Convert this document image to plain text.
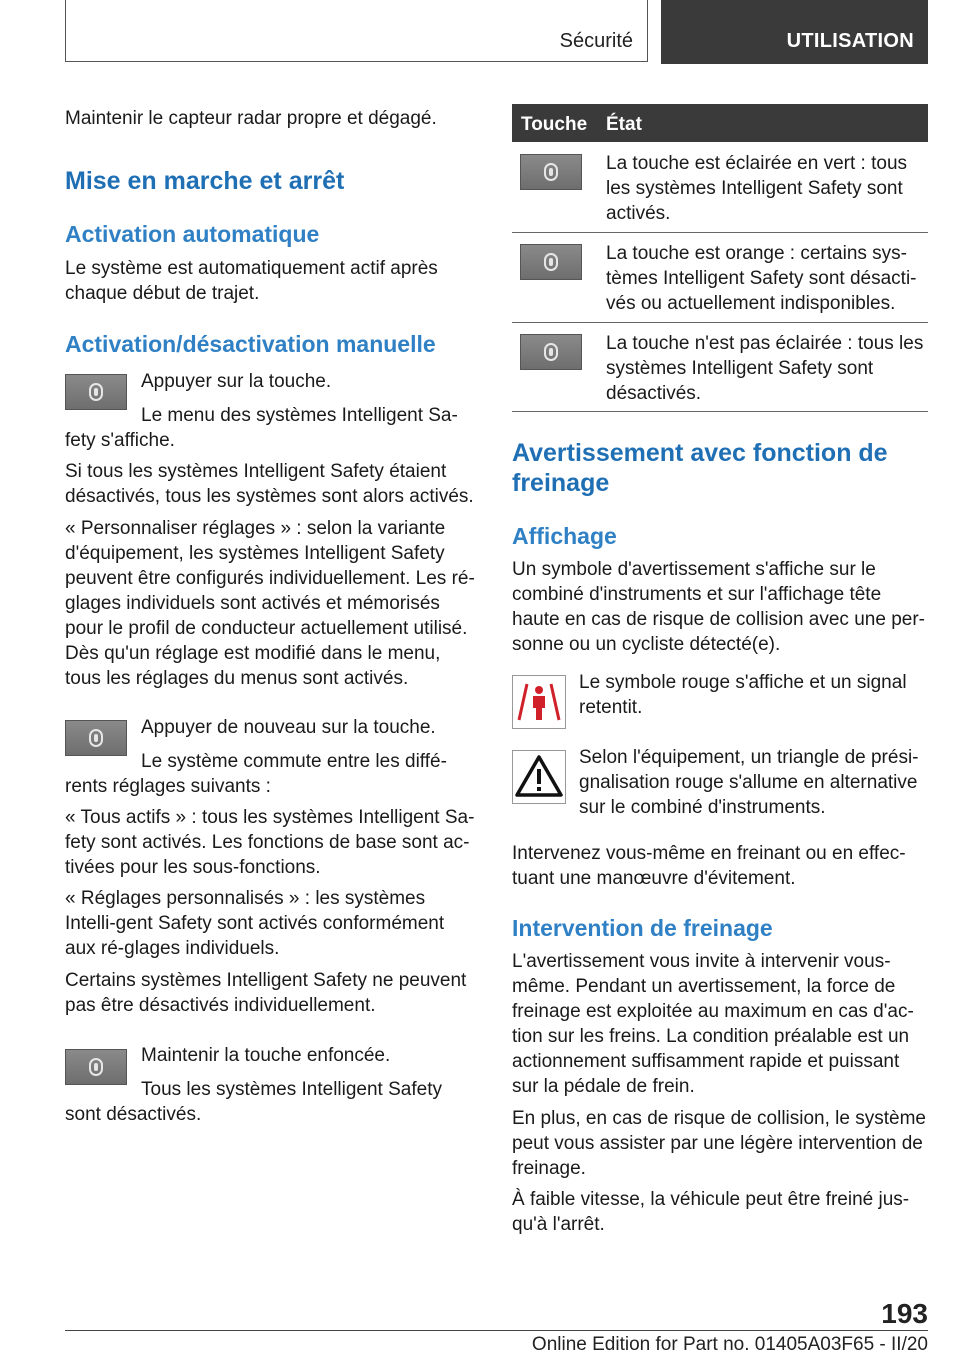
Sécurité	UTILISATION

Maintenir le capteur radar propre et dégagé.

Mise en marche et arrêt
Activation automatique

Le système est automatiquement actif après chaque début de trajet.

Activation/désactivation manuelle

Appuyer sur la touche.

Le menu des systèmes Intelligent Sa-fety s'affiche.

Si tous les systèmes Intelligent Safety étaient désactivés, tous les systèmes sont alors activés.

« Personnaliser réglages » : selon la variante d'équipement, les systèmes Intelligent Safety peuvent être configurés individuellement. Les ré-glages individuels sont activés et mémorisés pour le profil de conducteur actuellement utilisé. Dès qu'un réglage est modifié dans le menu, tous les réglages du menus sont activés.

Appuyer de nouveau sur la touche.

Le système commute entre les diffé-rents réglages suivants :

« Tous actifs » : tous les systèmes Intelligent Sa-fety sont activés. Les fonctions de base sont ac-tivées pour les sous-fonctions.

« Réglages personnalisés » : les systèmes Intelli-gent Safety sont activés conformément aux ré-glages individuels.

Certains systèmes Intelligent Safety ne peuvent pas être désactivés individuellement.

Maintenir la touche enfoncée.

Tous les systèmes Intelligent Safety sont désactivés.

Touche État

La touche est éclairée en vert : tous les systèmes Intelligent Safety sont activés.

La touche est orange : certains sys-tèmes Intelligent Safety sont désacti-vés ou actuellement indisponibles.

La touche n'est pas éclairée : tous les systèmes Intelligent Safety sont désactivés.

Avertissement avec fonction de freinage
Affichage

Un symbole d'avertissement s'affiche sur le combiné d'instruments et sur l'affichage tête haute en cas de risque de collision avec une per-sonne ou un cycliste détecté(e).

Le symbole rouge s'affiche et un signal retentit.

Selon l'équipement, un triangle de prési-gnalisation rouge s'allume en alternative sur le combiné d'instruments.

Intervenez vous-même en freinant ou en effec-tuant une manœuvre d'évitement.

Intervention de freinage

L'avertissement vous invite à intervenir vous-même. Pendant un avertissement, la force de freinage est exploitée au maximum en cas d'ac-tion sur les freins. La condition préalable est un actionnement suffisamment rapide et puissant sur la pédale de frein.

En plus, en cas de risque de collision, le système peut vous assister par une légère intervention de freinage.

À faible vitesse, la véhicule peut être freiné jus-qu'à l'arrêt.

193
Online Edition for Part no. 01405A03F65 - II/20
